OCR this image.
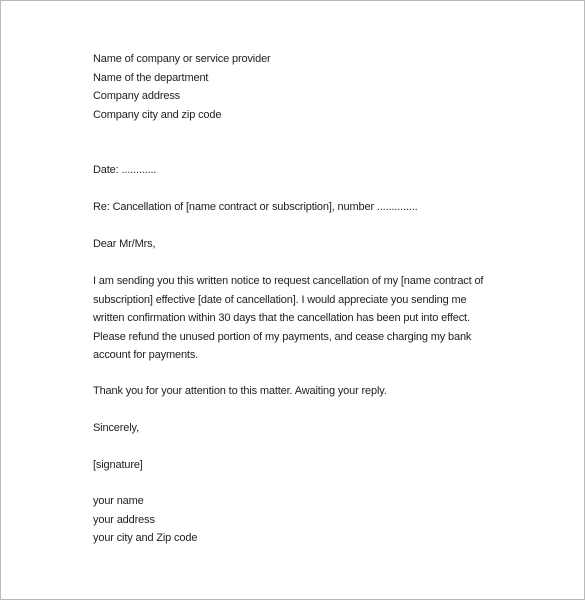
Name of company or service provider
Name of the department
Company address
Company city and zip code
Date: ............
Re: Cancellation of [name contract or subscription], number ..............
Dear Mr/Mrs,
I am sending you this written notice to request cancellation of my [name contract of
subscription] effective [date of cancellation]. I would appreciate you sending me
written confirmation within 30 days that the cancellation has been put into effect.
Please refund the unused portion of my payments, and cease charging my bank
account for payments.
Thank you for your attention to this matter. Awaiting your reply.
Sincerely,
[signature]
your name
your address
your city and Zip code
